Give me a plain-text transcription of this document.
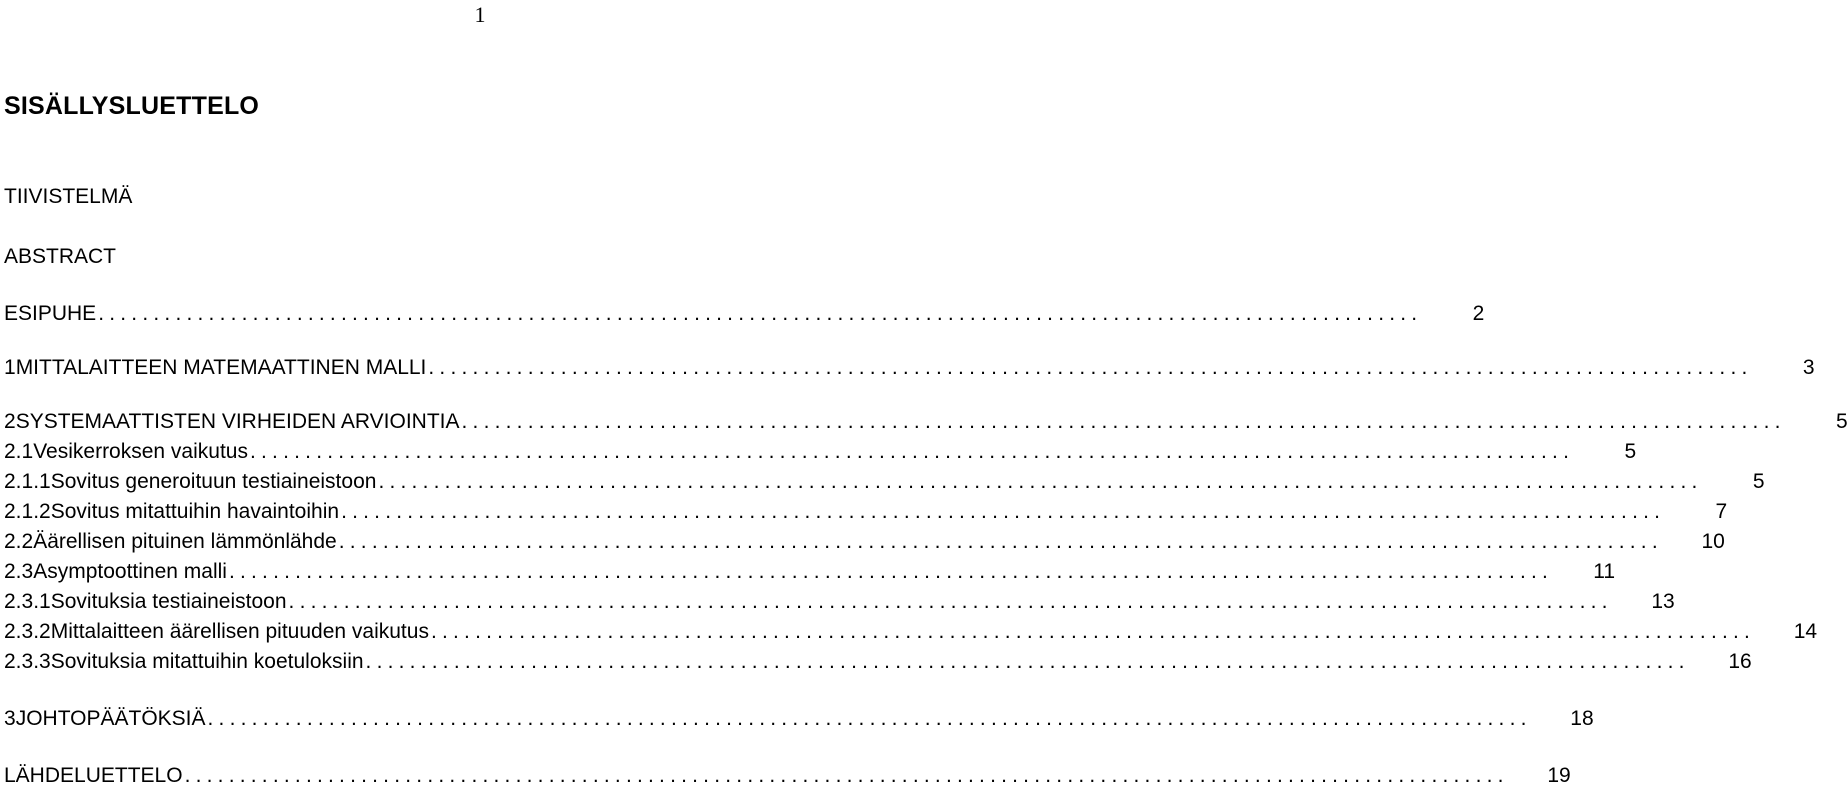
1
SISÄLLYSLUETTELO
TIIVISTELMÄ
ABSTRACT
ESIPUHE ........................................................................................................................	2
1 MITTALAITTEEN MATEMAATTINEN MALLI ........................................................................................................................	3
2 SYSTEMAATTISTEN VIRHEIDEN ARVIOINTIA ........................................................................................................................	5
2.1 Vesikerroksen vaikutus ........................................................................................................................	5
2.1.1 Sovitus generoituun testiaineistoon ........................................................................................................................	5
2.1.2 Sovitus mitattuihin havaintoihin ........................................................................................................................	7
2.2 Äärellisen pituinen lämmönlähde ........................................................................................................................ 10
2.3 Asymptoottinen malli ........................................................................................................................ 11
2.3.1 Sovituksia testiaineistoon ........................................................................................................................ 13
2.3.2 Mittalaitteen äärellisen pituuden vaikutus ........................................................................................................................ 14
2.3.3 Sovituksia mitattuihin koetuloksiin ........................................................................................................................ 16
3 JOHTOPÄÄTÖKSIÄ ........................................................................................................................ 18
LÄHDELUETTELO ........................................................................................................................ 19
